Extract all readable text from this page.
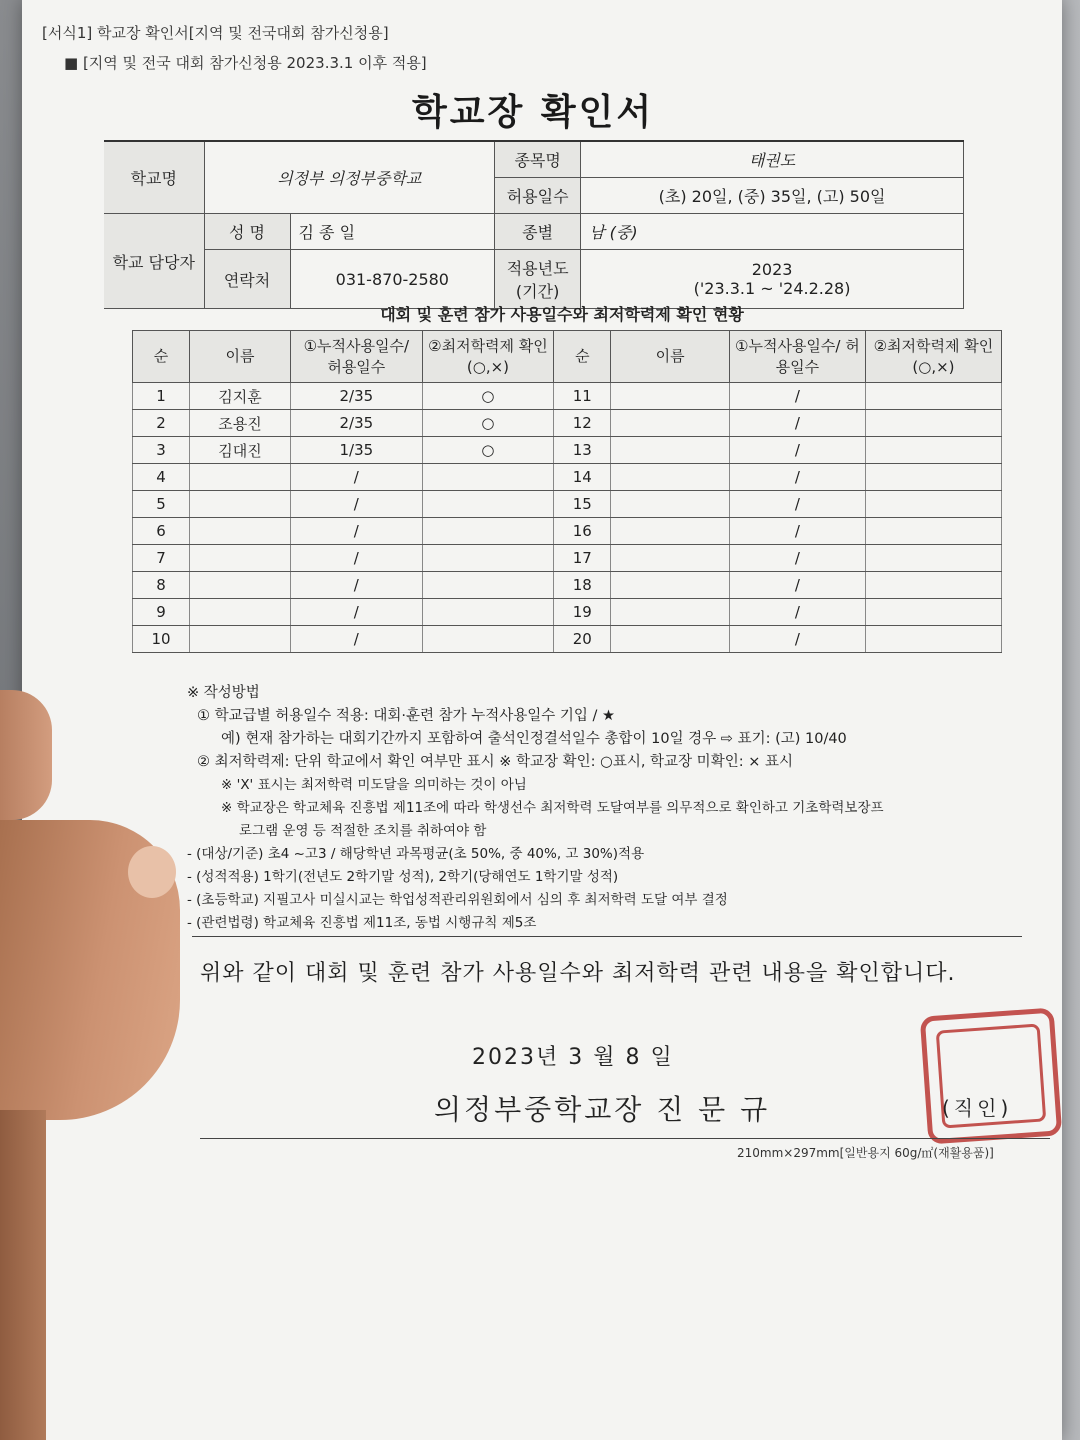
[서식1] 학교장 확인서[지역 및 전국대회 참가신청용]
■ [지역 및 전국 대회 참가신청용 2023.3.1 이후 적용]
학교장 확인서
학교명	의정부 의정부중학교		종목명	태권도
			허용일수	(초) 20일, (중) 35일, (고) 50일
학교 담당자	성 명	김 종 일	종별	남 (중)
	연락처	031-870-2580	적용년도 (기간)	2023
('23.3.1 ~ '24.2.28)
대회 및 훈련 참가 사용일수와 최저학력제 확인 현황
순	이름	①누적사용일수/ 허용일수	②최저학력제 확인(○,×)	순	이름	①누적사용일수/ 허용일수	②최저학력제 확인(○,×)
1	김지훈	2/35	○	11		/	
2	조용진	2/35	○	12		/	
3	김대진	1/35	○	13		/	
4		/		14		/	
5		/		15		/	
6		/		16		/	
7		/		17		/	
8		/		18		/	
9		/		19		/	
10		/		20		/	
※ 작성방법
① 학교급별 허용일수 적용: 대회·훈련 참가 누적사용일수 기입 / ★
예) 현재 참가하는 대회기간까지 포함하여 출석인정결석일수 총합이 10일 경우 ⇨ 표기: (고) 10/40
② 최저학력제: 단위 학교에서 확인 여부만 표시 ※ 학교장 확인: ○표시, 학교장 미확인: × 표시
※ 'X' 표시는 최저학력 미도달을 의미하는 것이 아님
※ 학교장은 학교체육 진흥법 제11조에 따라 학생선수 최저학력 도달여부를 의무적으로 확인하고 기초학력보장프
로그램 운영 등 적절한 조치를 취하여야 함
- (대상/기준) 초4 ~고3 / 해당학년 과목평균(초 50%, 중 40%, 고 30%)적용
- (성적적용) 1학기(전년도 2학기말 성적), 2학기(당해연도 1학기말 성적)
- (초등학교) 지필고사 미실시교는 학업성적관리위원회에서 심의 후 최저학력 도달 여부 결정
- (관련법령) 학교체육 진흥법 제11조, 동법 시행규칙 제5조
위와 같이 대회 및 훈련 참가 사용일수와 최저학력 관련 내용을 확인합니다.
2023년 3 월 8 일
의정부중학교장 진 문 규	(직인)
210mm×297mm[일반용지 60g/㎡(재활용품)]
